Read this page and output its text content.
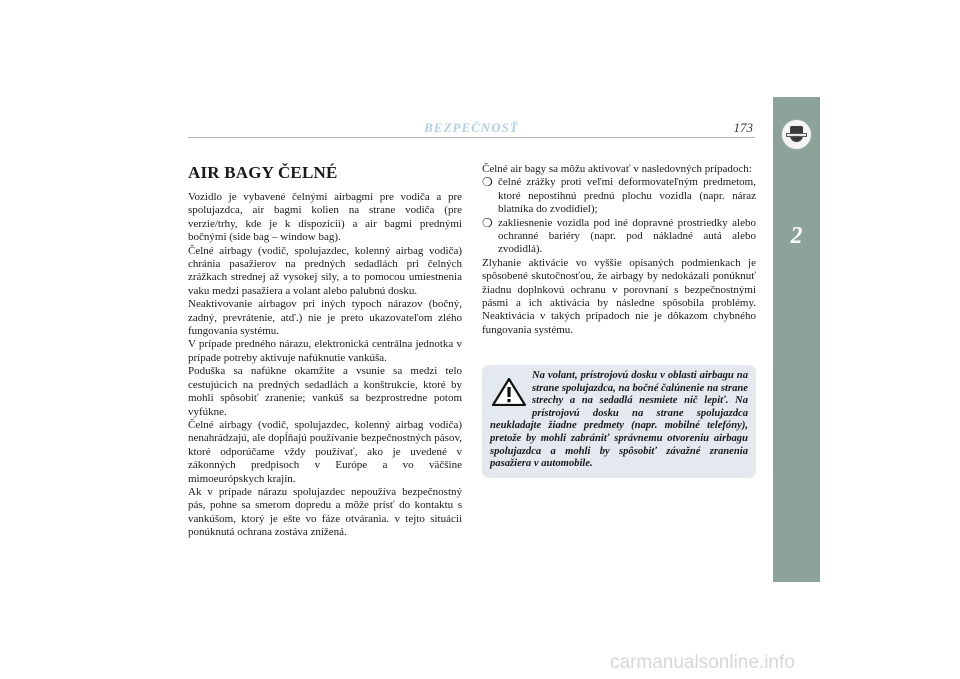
BEZPEČNOSŤ	173
2
AIR BAGY ČELNÉ

Vozidlo je vybavené čelnými airbagmi pre vodiča a pre spolujazdca, air bagmi kolien na strane vodiča (pre verzie/trhy, kde je k dispozícii) a air bagmi prednými bočnými (side bag – window bag).

Čelné airbagy (vodič, spolujazdec, kolenný airbag vodiča) chránia pasažierov na predných sedadlách pri čelných zrážkach strednej až vysokej sily, a to pomocou umiestnenia vaku medzi pasažiera a volant alebo palubnú dosku.

Neaktivovanie airbagov pri iných typoch nárazov (bočný, zadný, prevrátenie, atď.) nie je preto ukazovateľom zlého fungovania systému.

V prípade predného nárazu, elektronická centrálna jednotka v prípade potreby aktivuje nafúknutie vankúša.

Poduška sa nafúkne okamžite a vsunie sa medzi telo cestujúcich na predných sedadlách a konštrukcie, ktoré by mohli spôsobiť zranenie; vankúš sa bezprostredne potom vyfúkne.

Čelné airbagy (vodič, spolujazdec, kolenný airbag vodiča) nenahrádzajú, ale dopĺňajú používanie bezpečnostných pásov, ktoré odporúčame vždy používať, ako je uvedené v zákonných predpisoch v Európe a vo väčšine mimoeurópskych krajín.

Ak v prípade nárazu spolujazdec nepoužíva bezpečnostný pás, pohne sa smerom dopredu a môže prísť do kontaktu s vankúšom, ktorý je ešte vo fáze otvárania. v tejto situácii ponúknutá ochrana zostáva znížená.

Čelné air bagy sa môžu aktivovať v nasledovných prípadoch:

❍ čelné zrážky proti veľmi deformovateľným predmetom, ktoré nepostihnú prednú plochu vozidla (napr. náraz blatníka do zvodidiel);
❍ zakliesnenie vozidla pod iné dopravné prostriedky alebo ochranné bariéry (napr. pod nákladné autá alebo zvodidlá).

Zlyhanie aktivácie vo vyššie opísaných podmienkach je spôsobené skutočnosťou, že airbagy by nedokázali ponúknuť žiadnu doplnkovú ochranu v porovnaní s bezpečnostnými pásmi a ich aktivácia by následne spôsobila problémy. Neaktivácia v takých prípadoch nie je dôkazom chybného fungovania systému.

Na volant, prístrojovú dosku v oblasti airbagu na strane spolujazdca, na bočné čalúnenie na strane strechy a na sedadlá nesmiete nič lepiť. Na prístrojovú dosku na strane spolujazdca neukladajte žiadne predmety (napr. mobilné telefóny), pretože by mohli zabrániť správnemu otvoreniu airbagu spolujazdca a mohli by spôsobiť závažné zranenia pasažiera v automobile.

carmanualsonline.info
